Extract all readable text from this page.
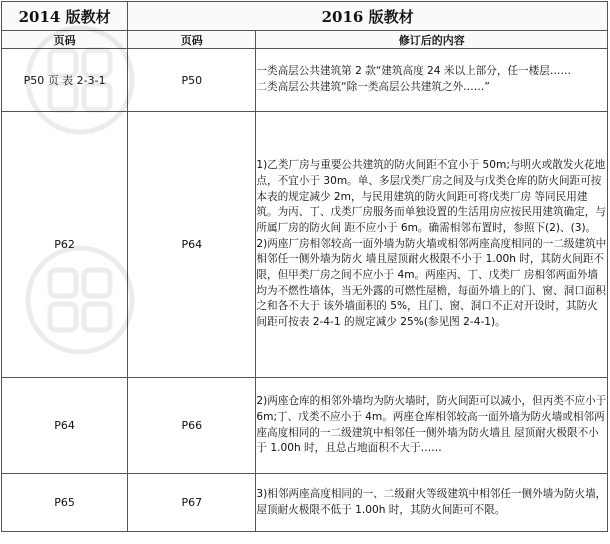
2014 版教材	2016 版教材	
页码	页码	修订后的内容
P50 页 表 2-3-1	P50	一类高层公共建筑第 2 款“建筑高度 24 米以上部分，任一楼层……
二类高层公共建筑“除一类高层公共建筑之外……”

P62	P64	1)乙类厂房与重要公共建筑的防火间距不宜小于 50m;与明火或散发火花地点，不宜小于 30m。单、多层戊类厂房之间及与戊类仓库的防火间距可按本表的规定减少 2m，与民用建筑的防火间距可将戊类厂房 等同民用建筑。为丙、丁、戊类厂房服务而单独设置的生活用房应按民用建筑确定，与所属厂房的防火间 距不应小于 6m。确需相邻布置时，参照下(2)、(3)。 2)两座厂房相邻较高一面外墙为防火墙或相邻两座高度相同的一二级建筑中相邻任一侧外墙为防火 墙且屋顶耐火极限不小于 1.00h 时，其防火间距不限，但甲类厂房之间不应小于 4m。两座丙、丁、戊类厂 房相邻两面外墙均为不燃性墙体，当无外露的可燃性屋檐，每面外墙上的门、窗、洞口面积之和各不大于 该外墙面积的 5%，且门、窗、洞口不正对开设时，其防火间距可按表 2-4-1 的规定减少 25%(参见图 2-4-1)。

P64	P66	2)两座仓库的相邻外墙均为防火墙时，防火间距可以减小，但丙类不应小于 6m;丁、戊类不应小于 4m。两座仓库相邻较高一面外墙为防火墙或相邻两座高度相同的一二级建筑中相邻任一侧外墙为防火墙且 屋顶耐火极限不小于 1.00h 时，且总占地面积不大于……

P65	P67	3)相邻两座高度相同的一、二级耐火等级建筑中相邻任一侧外墙为防火墙，屋顶耐火极限不低于 1.00h 时，其防火间距可不限。
